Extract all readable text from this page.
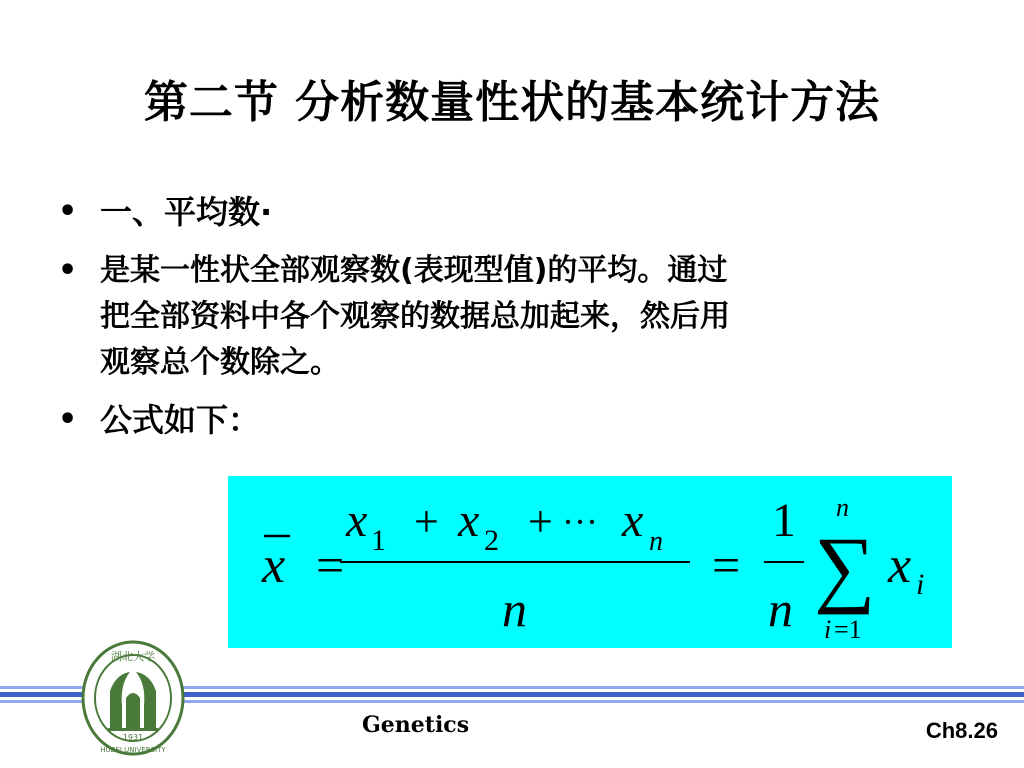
第二节 分析数量性状的基本统计方法
• 一、平均数·
• 是某一性状全部观察数(表现型值)的平均。通过
把全部资料中各个观察的数据总加起来，然后用
观察总个数除之。
• 公式如下：
x =
x 1 + x 2 + ··· x n
n
=
1
n
n
∑
i =1
x i
湖北大学
1931
HUBEI UNIVERSITY
Genetics	Ch8.26
